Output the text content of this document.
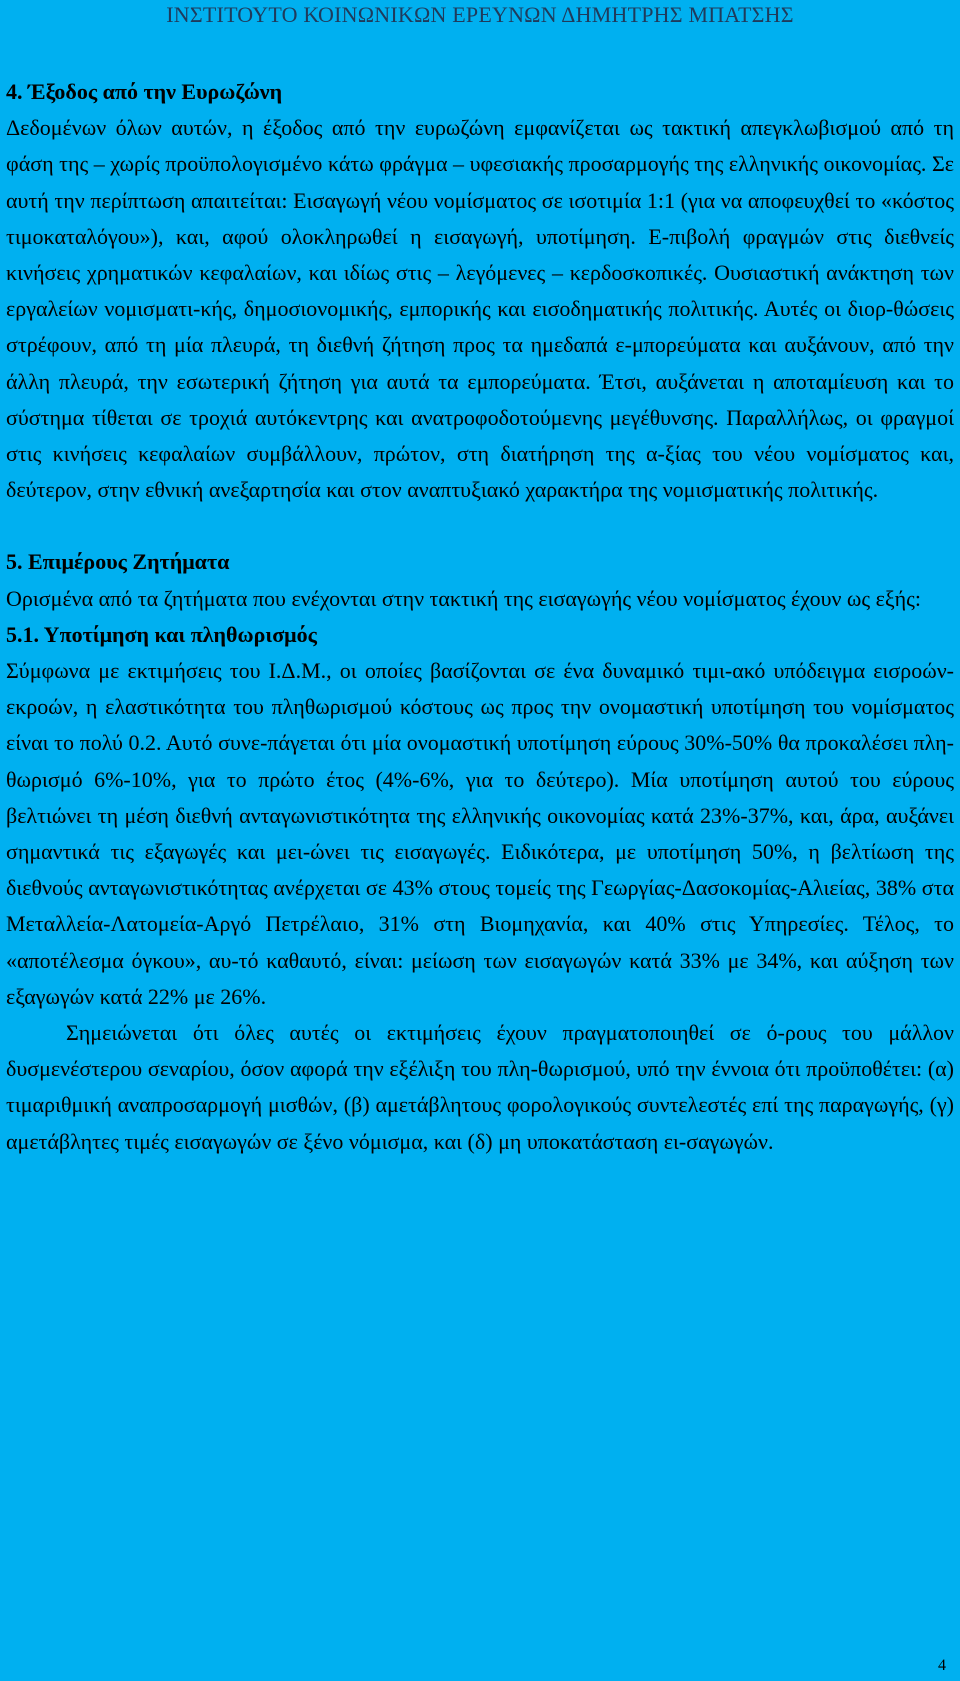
ΙΝΣΤΙΤΟΥΤΟ ΚΟΙΝΩΝΙΚΩΝ ΕΡΕΥΝΩΝ ΔΗΜΗΤΡΗΣ ΜΠΑΤΣΗΣ
4. Έξοδος από την Ευρωζώνη

Δεδομένων όλων αυτών, η έξοδος από την ευρωζώνη εμφανίζεται ως τακτική απεγκλωβισμού από τη φάση της – χωρίς προϋπολογισμένο κάτω φράγμα – υφεσιακής προσαρμογής της ελληνικής οικονομίας. Σε αυτή την περίπτωση απαιτείται: Εισαγωγή νέου νομίσματος σε ισοτιμία 1:1 (για να αποφευχθεί το «κόστος τιμοκαταλόγου»), και, αφού ολοκληρωθεί η εισαγωγή, υποτίμηση. Ε-πιβολή φραγμών στις διεθνείς κινήσεις χρηματικών κεφαλαίων, και ιδίως στις – λεγόμενες – κερδοσκοπικές. Ουσιαστική ανάκτηση των εργαλείων νομισματι-κής, δημοσιονομικής, εμπορικής και εισοδηματικής πολιτικής. Αυτές οι διορ-θώσεις στρέφουν, από τη μία πλευρά, τη διεθνή ζήτηση προς τα ημεδαπά ε-μπορεύματα και αυξάνουν, από την άλλη πλευρά, την εσωτερική ζήτηση για αυτά τα εμπορεύματα. Έτσι, αυξάνεται η αποταμίευση και το σύστημα τίθεται σε τροχιά αυτόκεντρης και ανατροφοδοτούμενης μεγέθυνσης. Παραλλήλως, οι φραγμοί στις κινήσεις κεφαλαίων συμβάλλουν, πρώτον, στη διατήρηση της α-ξίας του νέου νομίσματος και, δεύτερον, στην εθνική ανεξαρτησία και στον αναπτυξιακό χαρακτήρα της νομισματικής πολιτικής.

5. Επιμέρους Ζητήματα

Ορισμένα από τα ζητήματα που ενέχονται στην τακτική της εισαγωγής νέου νομίσματος έχουν ως εξής:

5.1. Υποτίμηση και πληθωρισμός

Σύμφωνα με εκτιμήσεις του Ι.Δ.Μ., οι οποίες βασίζονται σε ένα δυναμικό τιμι-ακό υπόδειγμα εισροών-εκροών, η ελαστικότητα του πληθωρισμού κόστους ως προς την ονομαστική υποτίμηση του νομίσματος είναι το πολύ 0.2. Αυτό συνε-πάγεται ότι μία ονομαστική υποτίμηση εύρους 30%-50% θα προκαλέσει πλη-θωρισμό 6%-10%, για το πρώτο έτος (4%-6%, για το δεύτερο). Μία υποτίμηση αυτού του εύρους βελτιώνει τη μέση διεθνή ανταγωνιστικότητα της ελληνικής οικονομίας κατά 23%-37%, και, άρα, αυξάνει σημαντικά τις εξαγωγές και μει-ώνει τις εισαγωγές. Ειδικότερα, με υποτίμηση 50%, η βελτίωση της διεθνούς ανταγωνιστικότητας ανέρχεται σε 43% στους τομείς της Γεωργίας-Δασοκομίας-Αλιείας, 38% στα Μεταλλεία-Λατομεία-Αργό Πετρέλαιο, 31% στη Βιομηχανία, και 40% στις Υπηρεσίες. Τέλος, το «αποτέλεσμα όγκου», αυ-τό καθαυτό, είναι: μείωση των εισαγωγών κατά 33% με 34%, και αύξηση των εξαγωγών κατά 22% με 26%.

Σημειώνεται ότι όλες αυτές οι εκτιμήσεις έχουν πραγματοποιηθεί σε ό-ρους του μάλλον δυσμενέστερου σεναρίου, όσον αφορά την εξέλιξη του πλη-θωρισμού, υπό την έννοια ότι προϋποθέτει: (α) τιμαριθμική αναπροσαρμογή μισθών, (β) αμετάβλητους φορολογικούς συντελεστές επί της παραγωγής, (γ) αμετάβλητες τιμές εισαγωγών σε ξένο νόμισμα, και (δ) μη υποκατάσταση ει-σαγωγών.

4
